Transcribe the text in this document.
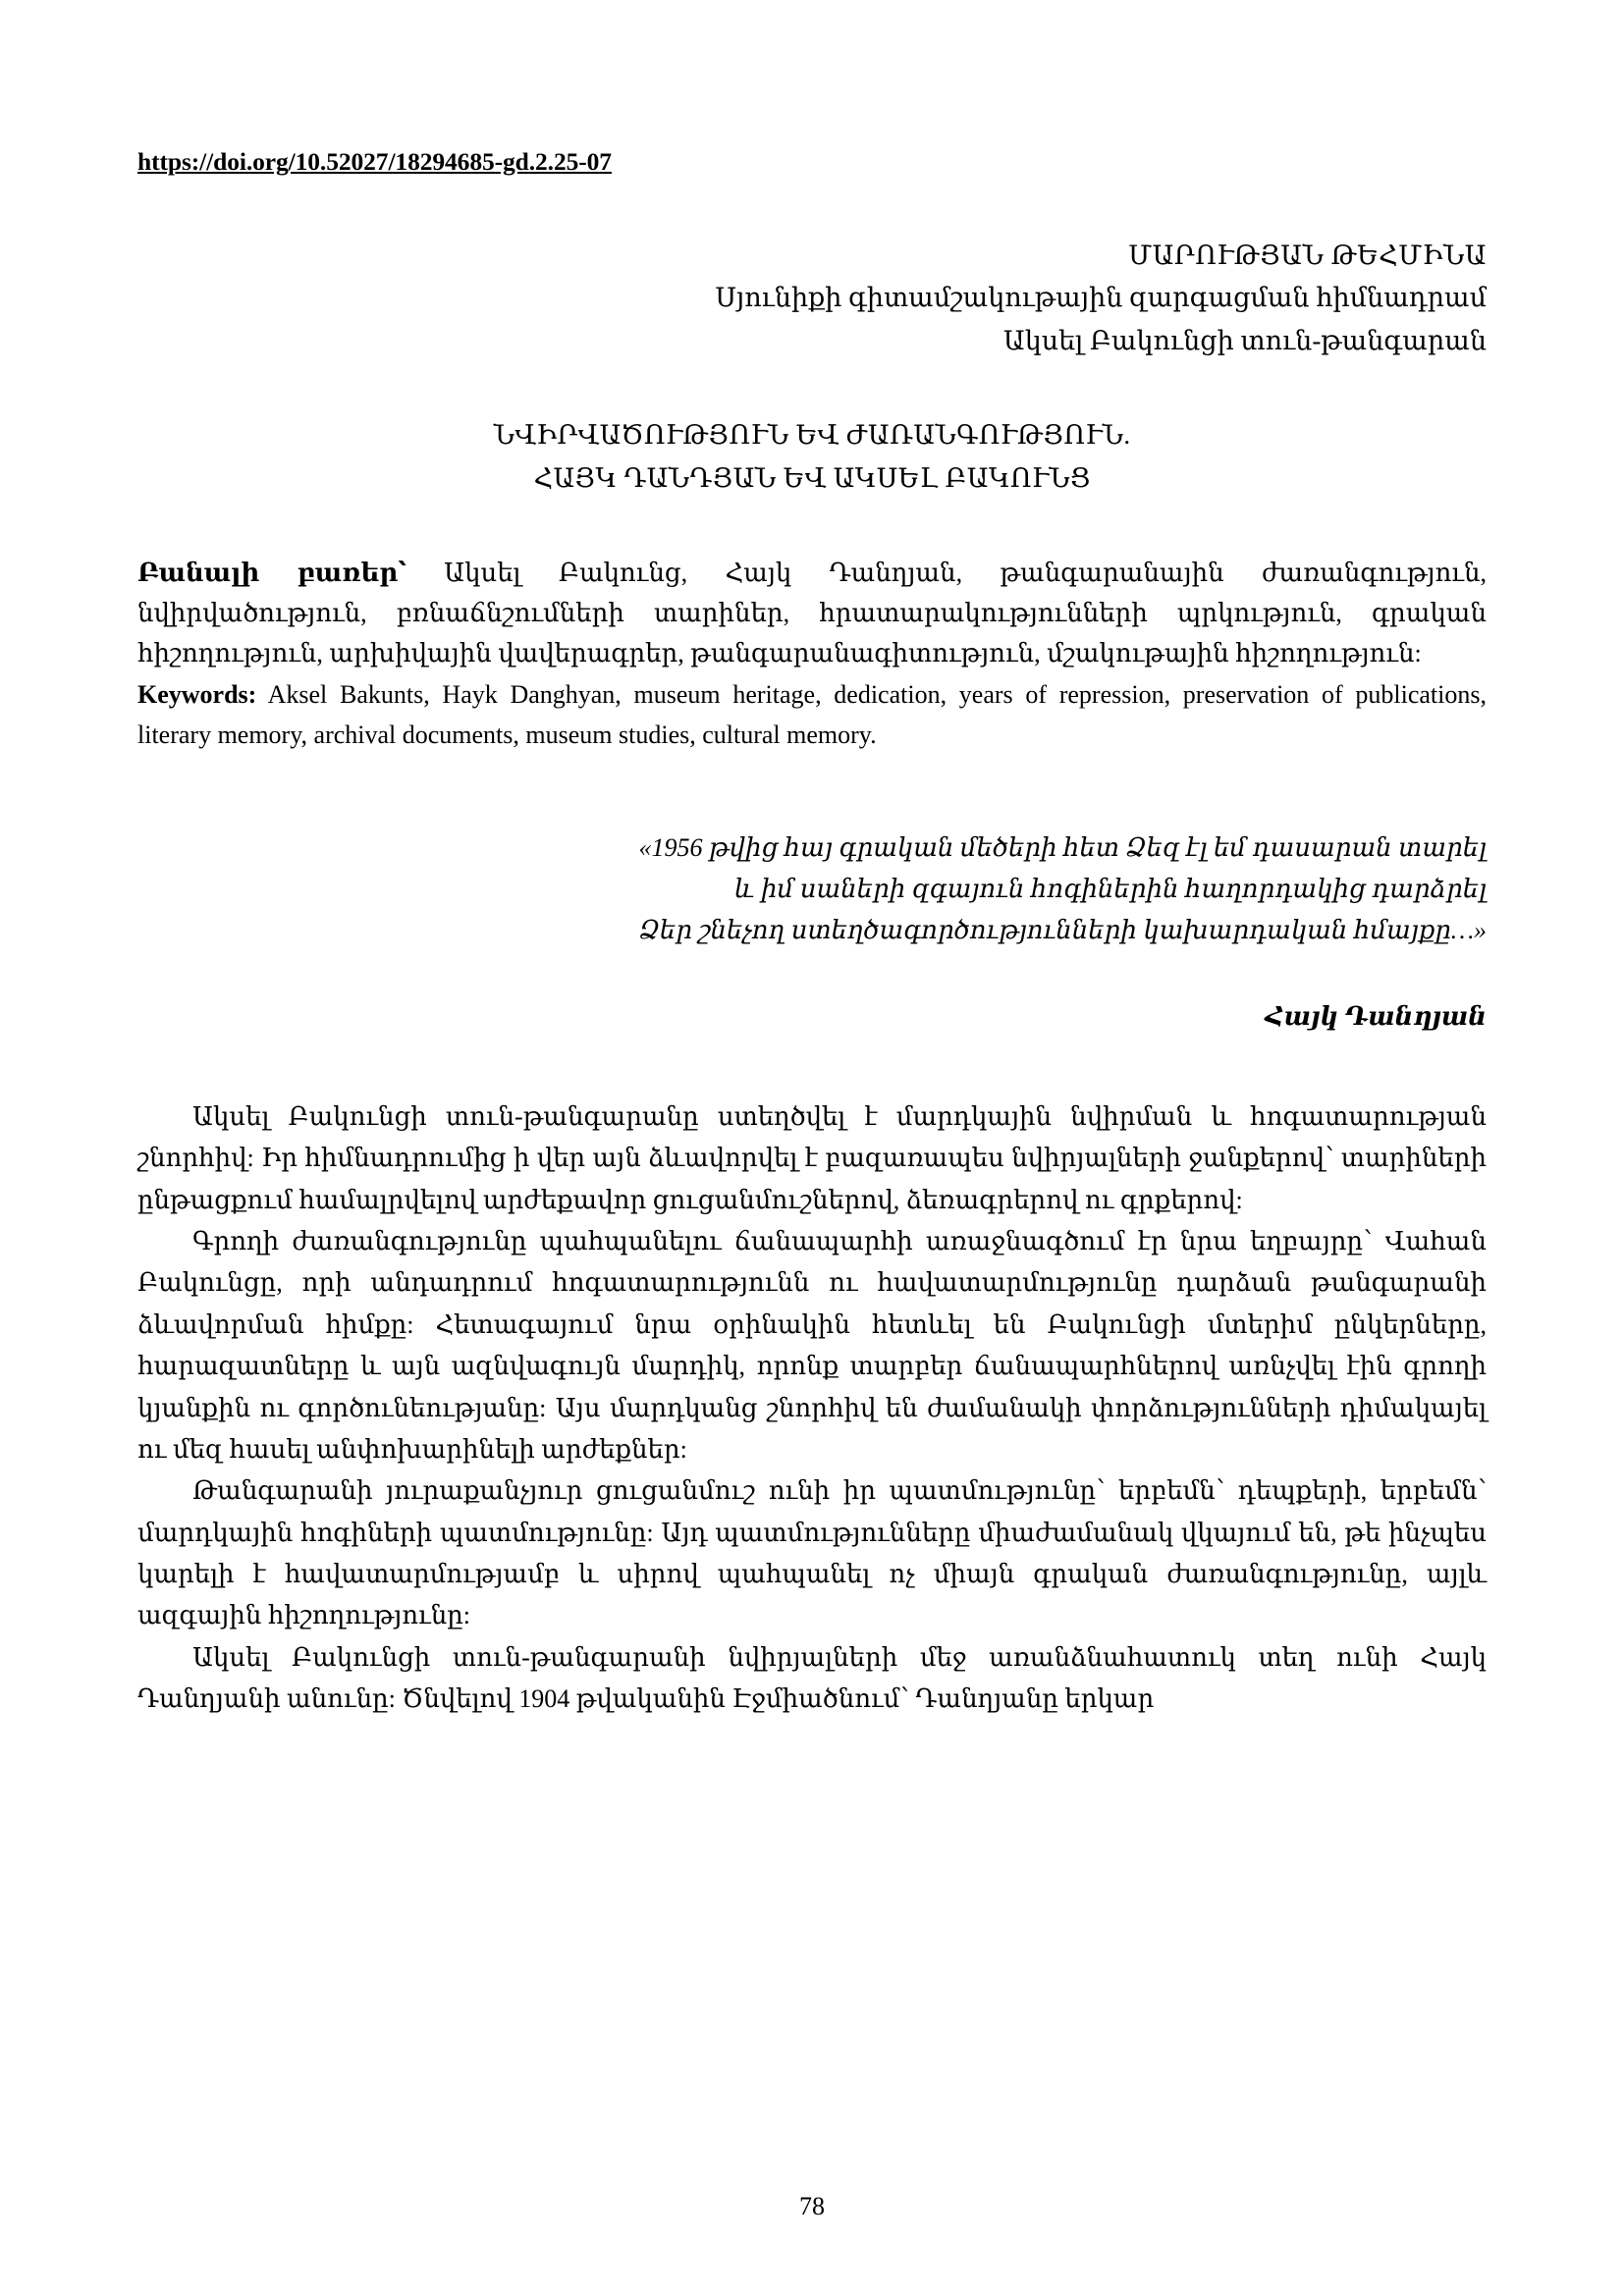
https://doi.org/10.52027/18294685-gd.2.25-07
ՄԱՐՈՒԹՅԱՆ ԹԵՀՄԻՆԱ
Սյունիքի գիտամշակութային զարգացման հիմնադրամ
Ակսել Բակունցի տուն-թանգարան
ՆՎԻՐՎԱԾՈՒԹՅՈՒՆ ԵՎ ԺԱՌԱՆԳՈՒԹՅՈՒՆ.
ՀԱՅԿ ԴԱՆԴՅԱՆ ԵՎ ԱԿՍԵԼ ԲԱԿՈՒՆՑ

Բանալի բառեր՝ Ակսել Բակունց, Հայկ Դանղյան, թանգարանային ժառանգություն, նվիրվածություն, բռնաճնշումների տարիներ, հրատարակությունների պրկություն, գրական հիշողություն, արխիվային վավերագրեր, թանգարանագիտություն, մշակութային հիշողություն:

Keywords: Aksel Bakunts, Hayk Danghyan, museum heritage, dedication, years of repression, preservation of publications, literary memory, archival documents, museum studies, cultural memory.

«1956 թվից հայ գրական մեծերի հետ Ձեզ էլ եմ դասարան տարել
և իմ սաների զգայուն հոգիներին հաղորդակից դարձրել
Ձեր շնեչող ստեղծագործությունների կախարդական հմայքը…»
Հայկ Դանղյան

Ակսել Բակունցի տուն-թանգարանը ստեղծվել է մարդկային նվիրման և հոգատարության շնորհիվ: Իր հիմնադրումից ի վեր այն ձևավորվել է բազառապես նվիրյալների ջանքերով՝ տարիների ընթացքում համալրվելով արժեքավոր ցուցանմուշներով, ձեռագրերով ու գրքերով:

Գրողի ժառանգությունը պահպանելու ճանապարհի առաջնագծում էր նրա եղբայրը՝ Վահան Բակունցը, որի անդադրում հոգատարությունն ու հավատարմությունը դարձան թանգարանի ձևավորման հիմքը: Հետագայում նրա օրինակին հետևել են Բակունցի մտերիմ ընկերները, հարազատները և այն ազնվագույն մարդիկ, որոնք տարբեր ճանապարհներով առնչվել էին գրողի կյանքին ու գործունեությանը: Այս մարդկանց շնորհիվ են ժամանակի փորձությունների դիմակայել ու մեզ հասել անփոխարինելի արժեքներ:

Թանգարանի յուրաքանչյուր ցուցանմուշ ունի իր պատմությունը՝ երբեմն՝ դեպքերի, երբեմն՝ մարդկային հոգիների պատմությունը: Այդ պատմությունները միաժամանակ վկայում են, թե ինչպես կարելի է հավատարմությամբ և սիրով պահպանել ոչ միայն գրական ժառանգությունը, այլև ազգային հիշողությունը:

Ակսել Բակունցի տուն-թանգարանի նվիրյալների մեջ առանձնահատուկ տեղ ունի Հայկ Դանղյանի անունը: Ծնվելով 1904 թվականին Էջմիածնում՝ Դանղյանը երկար

78
